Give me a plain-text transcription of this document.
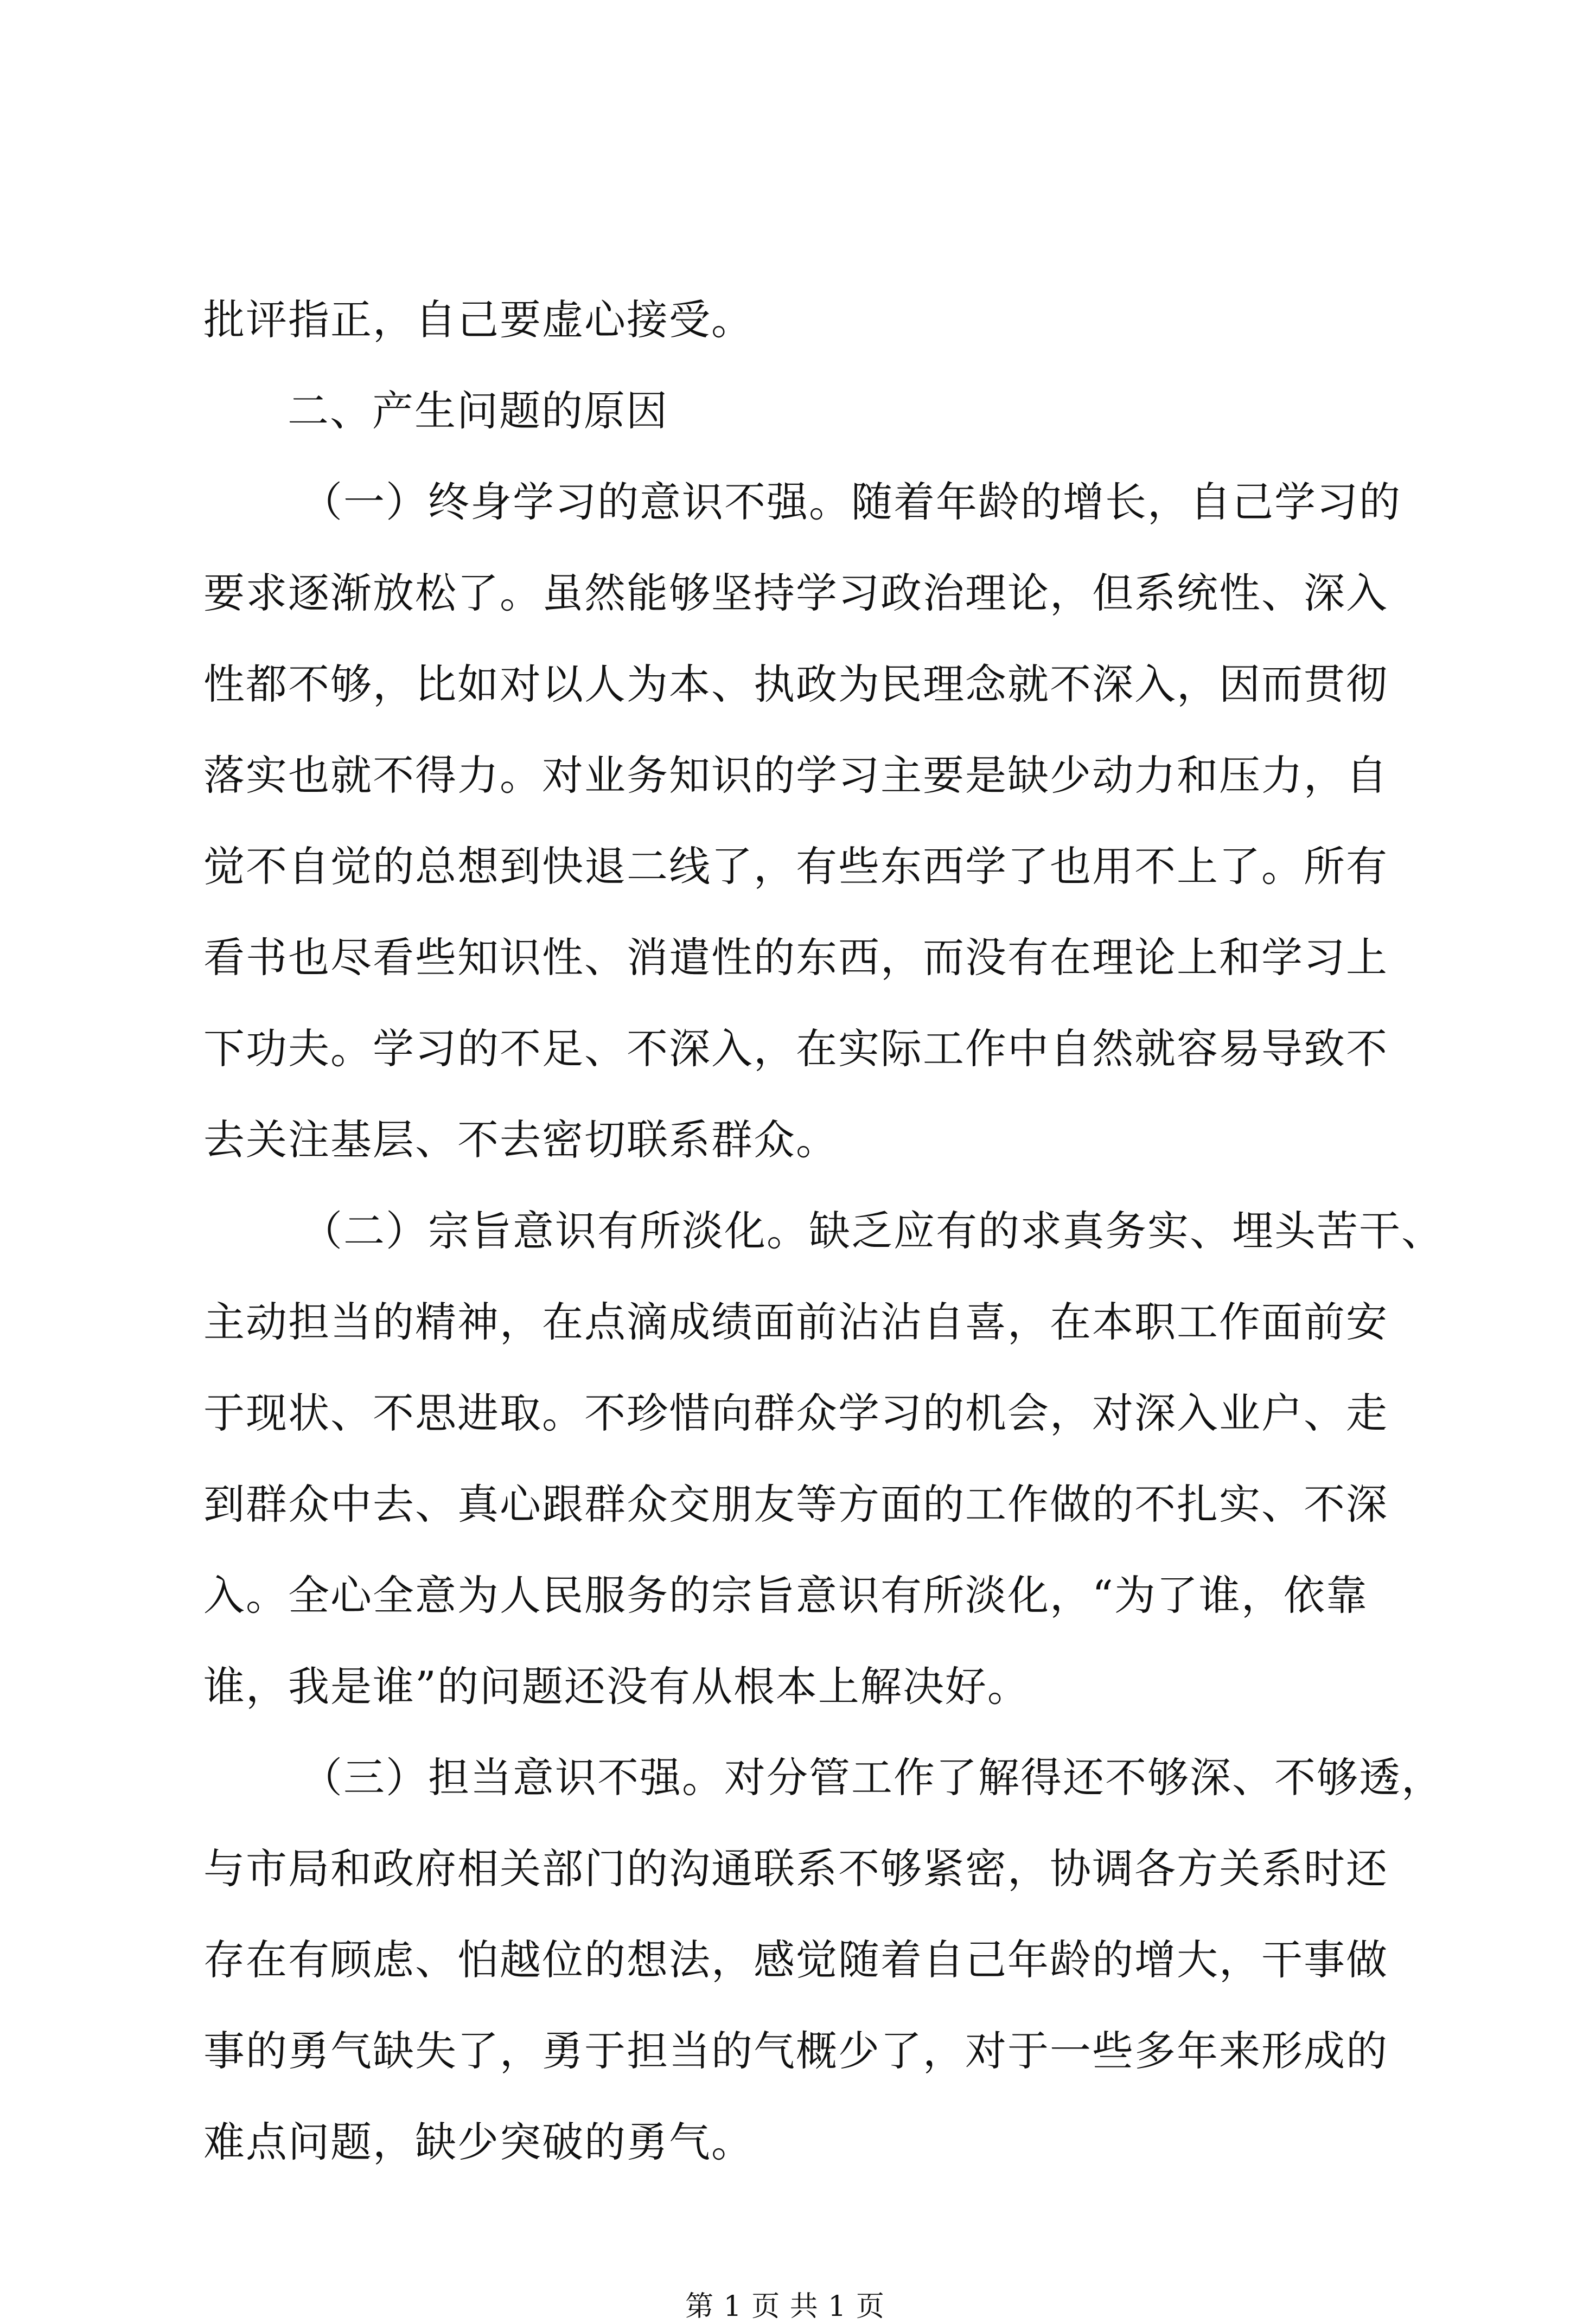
批评指正，自己要虚心接受。

二、产生问题的原因

（一）终身学习的意识不强。随着年龄的增长，自己学习的

要求逐渐放松了。虽然能够坚持学习政治理论，但系统性、深入

性都不够，比如对以人为本、执政为民理念就不深入，因而贯彻

落实也就不得力。对业务知识的学习主要是缺少动力和压力，自

觉不自觉的总想到快退二线了，有些东西学了也用不上了。所有

看书也尽看些知识性、消遣性的东西，而没有在理论上和学习上

下功夫。学习的不足、不深入，在实际工作中自然就容易导致不

去关注基层、不去密切联系群众。

（二）宗旨意识有所淡化。缺乏应有的求真务实、埋头苦干、

主动担当的精神，在点滴成绩面前沾沾自喜，在本职工作面前安

于现状、不思进取。不珍惜向群众学习的机会，对深入业户、走

到群众中去、真心跟群众交朋友等方面的工作做的不扎实、不深

入。全心全意为人民服务的宗旨意识有所淡化，“为了谁，依靠

谁，我是谁”的问题还没有从根本上解决好。

（三）担当意识不强。对分管工作了解得还不够深、不够透，

与市局和政府相关部门的沟通联系不够紧密，协调各方关系时还

存在有顾虑、怕越位的想法，感觉随着自己年龄的增大，干事做

事的勇气缺失了，勇于担当的气概少了，对于一些多年来形成的

难点问题，缺少突破的勇气。

第 1 页 共 1 页
